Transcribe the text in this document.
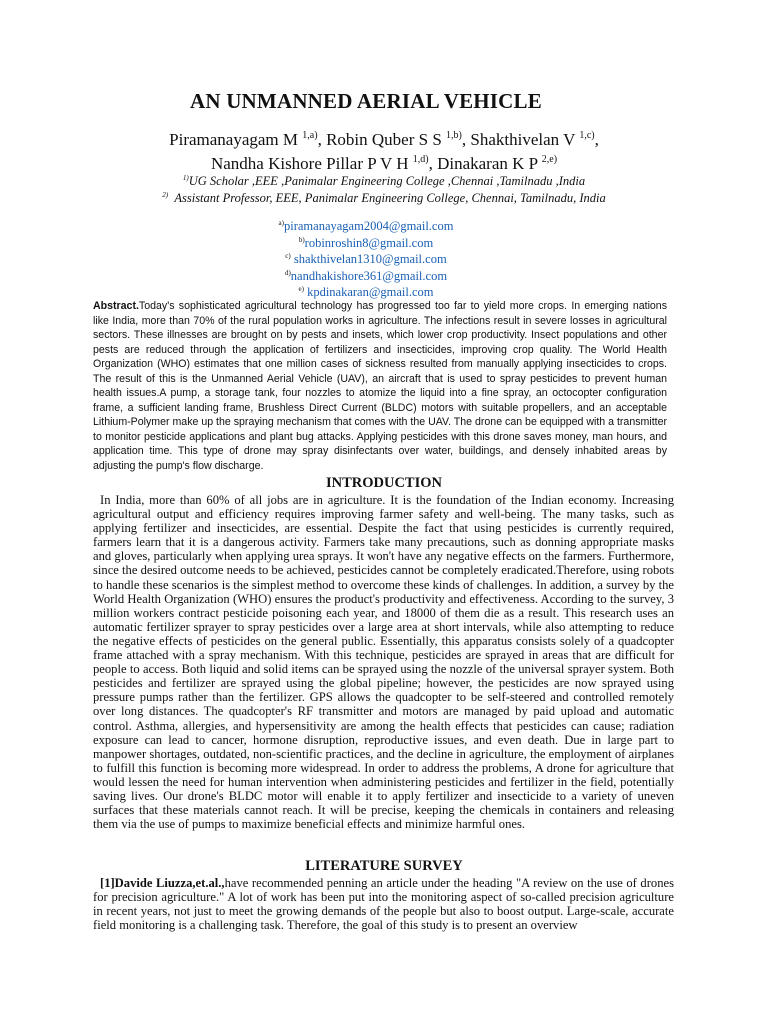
AN UNMANNED AERIAL VEHICLE
Piramanayagam M $^{1,a)}$, Robin Quber S S $^{1,b)}$, Shakthivelan V $^{1,c)}$,
Nandha Kishore Pillar P V H $^{1,d)}$, Dinakaran K P $^{2,e)}$
$^{1)}$UG Scholar ,EEE ,Panimalar Engineering College ,Chennai ,Tamilnadu ,India
$^{2)}$ Assistant Professor, EEE, Panimalar Engineering College, Chennai, Tamilnadu, India
$^{a)}$piramanayagam2004@gmail.com
$^{b)}$robinroshin8@gmail.com
$^{c)}$ shakthivelan1310@gmail.com
$^{d)}$nandhakishore361@gmail.com
$^{e)}$ kpdinakaran@gmail.com

Abstract.Today's sophisticated agricultural technology has progressed too far to yield more crops. In emerging nations like India, more than 70% of the rural population works in agriculture. The infections result in severe losses in agricultural sectors. These illnesses are brought on by pests and insets, which lower crop productivity. Insect populations and other pests are reduced through the application of fertilizers and insecticides, improving crop quality. The World Health Organization (WHO) estimates that one million cases of sickness resulted from manually applying insecticides to crops. The result of this is the Unmanned Aerial Vehicle (UAV), an aircraft that is used to spray pesticides to prevent human health issues.A pump, a storage tank, four nozzles to atomize the liquid into a fine spray, an octocopter configuration frame, a sufficient landing frame, Brushless Direct Current (BLDC) motors with suitable propellers, and an acceptable Lithium-Polymer make up the spraying mechanism that comes with the UAV. The drone can be equipped with a transmitter to monitor pesticide applications and plant bug attacks. Applying pesticides with this drone saves money, man hours, and application time. This type of drone may spray disinfectants over water, buildings, and densely inhabited areas by adjusting the pump's flow discharge.

INTRODUCTION

In India, more than 60% of all jobs are in agriculture. It is the foundation of the Indian economy. Increasing agricultural output and efficiency requires improving farmer safety and well-being. The many tasks, such as applying fertilizer and insecticides, are essential. Despite the fact that using pesticides is currently required, farmers learn that it is a dangerous activity. Farmers take many precautions, such as donning appropriate masks and gloves, particularly when applying urea sprays. It won't have any negative effects on the farmers. Furthermore, since the desired outcome needs to be achieved, pesticides cannot be completely eradicated.Therefore, using robots to handle these scenarios is the simplest method to overcome these kinds of challenges. In addition, a survey by the World Health Organization (WHO) ensures the product's productivity and effectiveness. According to the survey, 3 million workers contract pesticide poisoning each year, and 18000 of them die as a result. This research uses an automatic fertilizer sprayer to spray pesticides over a large area at short intervals, while also attempting to reduce the negative effects of pesticides on the general public. Essentially, this apparatus consists solely of a quadcopter frame attached with a spray mechanism. With this technique, pesticides are sprayed in areas that are difficult for people to access. Both liquid and solid items can be sprayed using the nozzle of the universal sprayer system. Both pesticides and fertilizer are sprayed using the global pipeline; however, the pesticides are now sprayed using pressure pumps rather than the fertilizer. GPS allows the quadcopter to be self-steered and controlled remotely over long distances. The quadcopter's RF transmitter and motors are managed by paid upload and automatic control. Asthma, allergies, and hypersensitivity are among the health effects that pesticides can cause; radiation exposure can lead to cancer, hormone disruption, reproductive issues, and even death. Due in large part to manpower shortages, outdated, non-scientific practices, and the decline in agriculture, the employment of airplanes to fulfill this function is becoming more widespread. In order to address the problems, A drone for agriculture that would lessen the need for human intervention when administering pesticides and fertilizer in the field, potentially saving lives. Our drone's BLDC motor will enable it to apply fertilizer and insecticide to a variety of uneven surfaces that these materials cannot reach. It will be precise, keeping the chemicals in containers and releasing them via the use of pumps to maximize beneficial effects and minimize harmful ones.

LITERATURE SURVEY

[1]Davide Liuzza,et.al.,have recommended penning an article under the heading "A review on the use of drones for precision agriculture." A lot of work has been put into the monitoring aspect of so-called precision agriculture in recent years, not just to meet the growing demands of the people but also to boost output. Large-scale, accurate field monitoring is a challenging task. Therefore, the goal of this study is to present an overview
